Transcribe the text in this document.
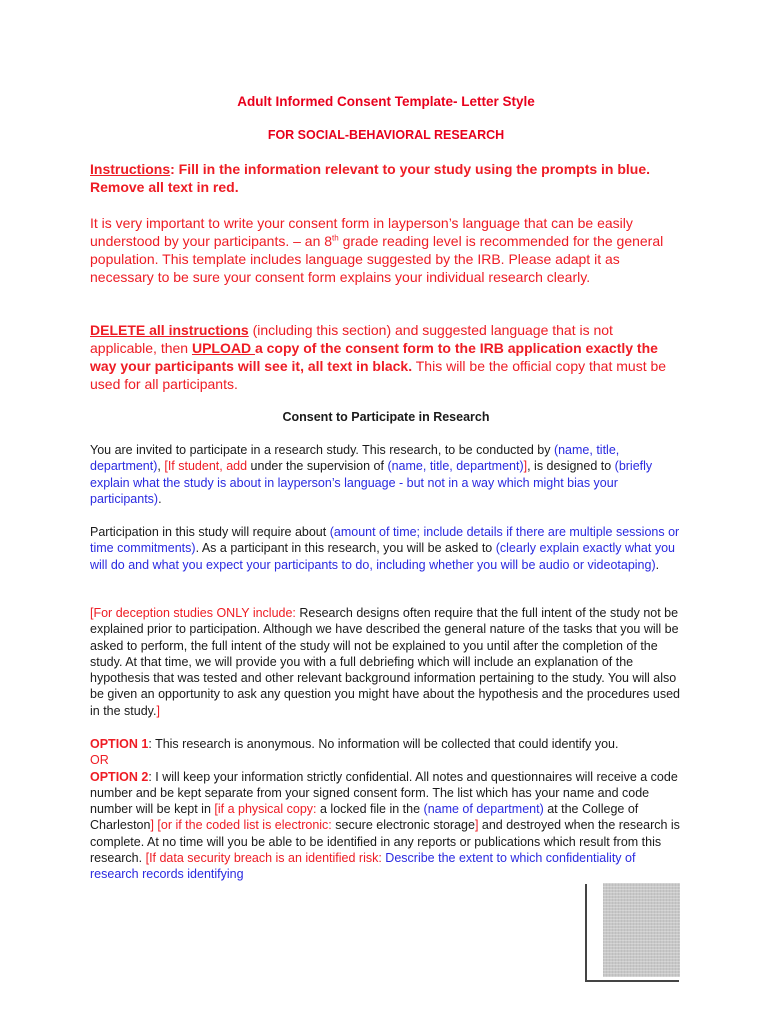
Adult Informed Consent Template- Letter Style
FOR SOCIAL-BEHAVIORAL RESEARCH
Instructions: Fill in the information relevant to your study using the prompts in blue. Remove all text in red.
It is very important to write your consent form in layperson’s language that can be easily understood by your participants. – an 8th grade reading level is recommended for the general population. This template includes language suggested by the IRB. Please adapt it as necessary to be sure your consent form explains your individual research clearly.
DELETE all instructions (including this section) and suggested language that is not applicable, then UPLOAD a copy of the consent form to the IRB application exactly the way your participants will see it, all text in black. This will be the official copy that must be used for all participants.
Consent to Participate in Research
You are invited to participate in a research study. This research, to be conducted by (name, title, department), [If student, add under the supervision of (name, title, department)], is designed to (briefly explain what the study is about in layperson’s language - but not in a way which might bias your participants).
Participation in this study will require about (amount of time; include details if there are multiple sessions or time commitments). As a participant in this research, you will be asked to (clearly explain exactly what you will do and what you expect your participants to do, including whether you will be audio or videotaping).
[For deception studies ONLY include: Research designs often require that the full intent of the study not be explained prior to participation. Although we have described the general nature of the tasks that you will be asked to perform, the full intent of the study will not be explained to you until after the completion of the study. At that time, we will provide you with a full debriefing which will include an explanation of the hypothesis that was tested and other relevant background information pertaining to the study. You will also be given an opportunity to ask any question you might have about the hypothesis and the procedures used in the study.]
OPTION 1: This research is anonymous. No information will be collected that could identify you.
OR
OPTION 2: I will keep your information strictly confidential. All notes and questionnaires will receive a code number and be kept separate from your signed consent form. The list which has your name and code number will be kept in [if a physical copy: a locked file in the (name of department) at the College of Charleston] [or if the coded list is electronic: secure electronic storage] and destroyed when the research is complete. At no time will you be able to be identified in any reports or publications which result from this research. [If data security breach is an identified risk: Describe the extent to which confidentiality of research records identifying
